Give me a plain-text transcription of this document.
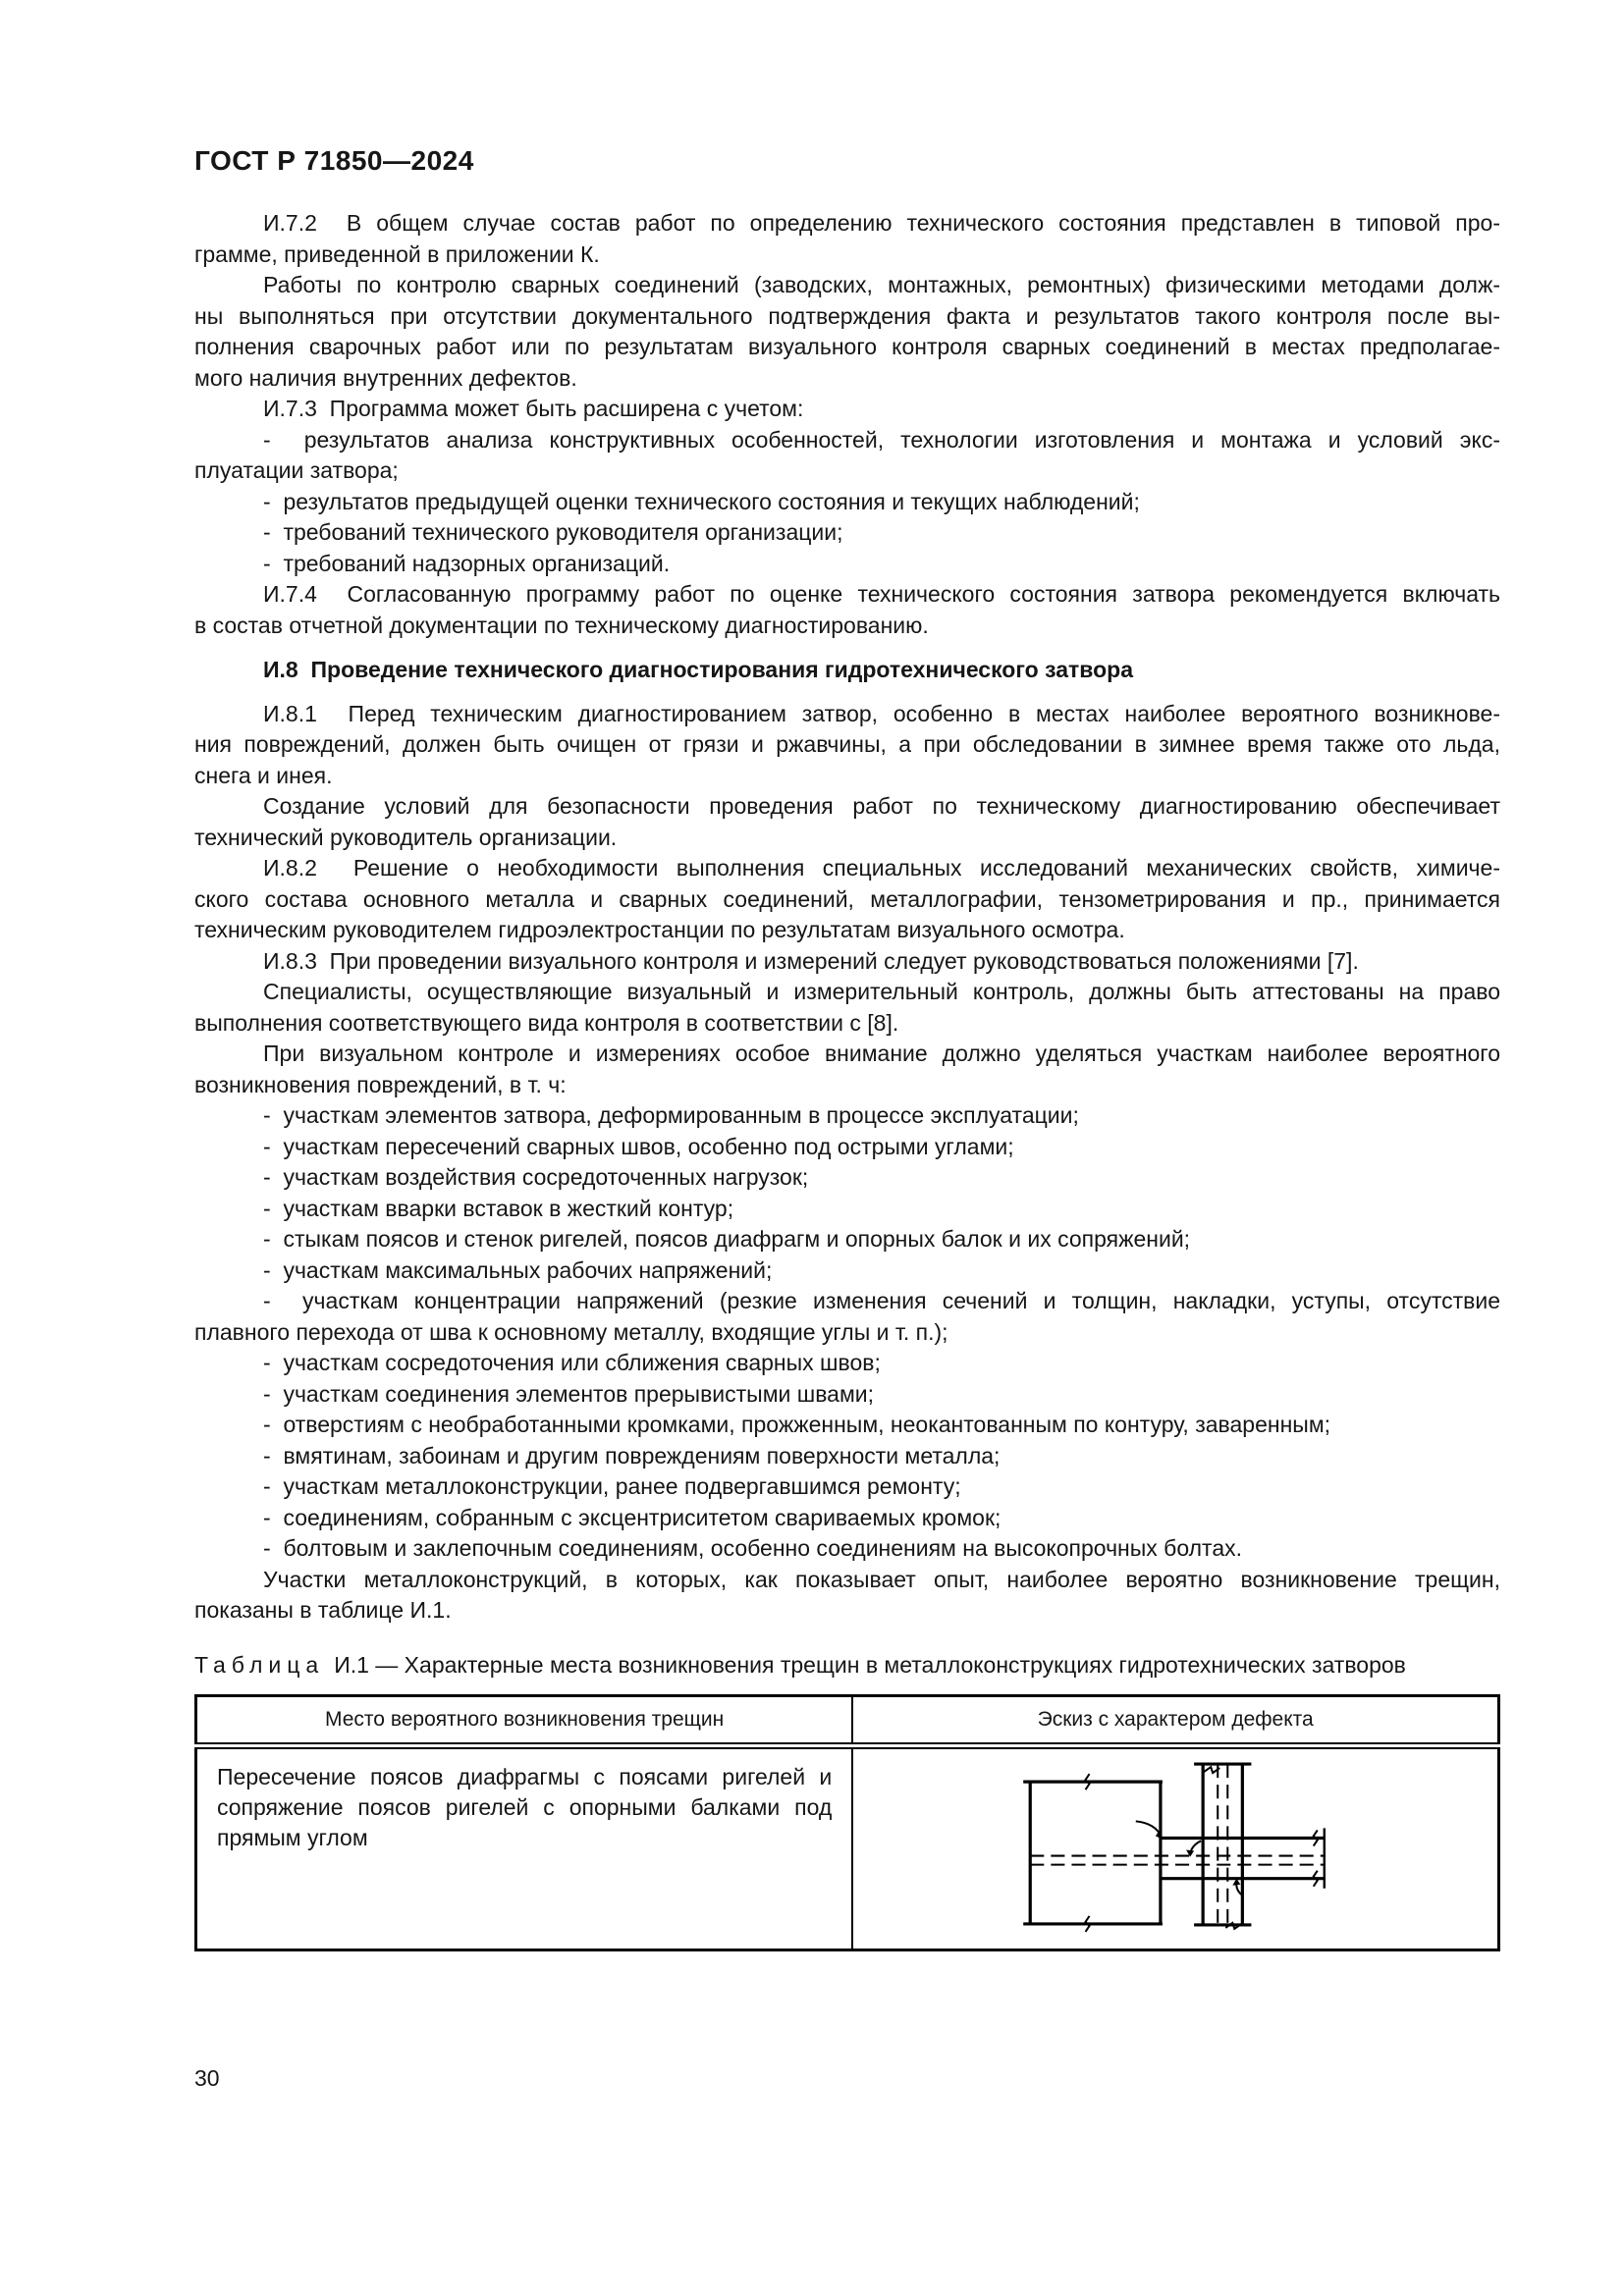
ГОСТ Р 71850—2024
И.7.2  В общем случае состав работ по определению технического состояния представлен в типовой про-
грамме, приведенной в приложении К.
Работы по контролю сварных соединений (заводских, монтажных, ремонтных) физическими методами долж-
ны выполняться при отсутствии документального подтверждения факта и результатов такого контроля после вы-
полнения сварочных работ или по результатам визуального контроля сварных соединений в местах предполагае-
мого наличия внутренних дефектов.
И.7.3  Программа может быть расширена с учетом:
-  результатов анализа конструктивных особенностей, технологии изготовления и монтажа и условий экс-
плуатации затвора;
-  результатов предыдущей оценки технического состояния и текущих наблюдений;
-  требований технического руководителя организации;
-  требований надзорных организаций.
И.7.4  Согласованную программу работ по оценке технического состояния затвора рекомендуется включать
в состав отчетной документации по техническому диагностированию.
И.8  Проведение технического диагностирования гидротехнического затвора
И.8.1  Перед техническим диагностированием затвор, особенно в местах наиболее вероятного возникнове-
ния повреждений, должен быть очищен от грязи и ржавчины, а при обследовании в зимнее время также ото льда,
снега и инея.
Создание условий для безопасности проведения работ по техническому диагностированию обеспечивает
технический руководитель организации.
И.8.2  Решение о необходимости выполнения специальных исследований механических свойств, химиче-
ского состава основного металла и сварных соединений, металлографии, тензометрирования и пр., принимается
техническим руководителем гидроэлектростанции по результатам визуального осмотра.
И.8.3  При проведении визуального контроля и измерений следует руководствоваться положениями [7].
Специалисты, осуществляющие визуальный и измерительный контроль, должны быть аттестованы на право
выполнения соответствующего вида контроля в соответствии с [8].
При визуальном контроле и измерениях особое внимание должно уделяться участкам наиболее вероятного
возникновения повреждений, в т. ч:
-  участкам элементов затвора, деформированным в процессе эксплуатации;
-  участкам пересечений сварных швов, особенно под острыми углами;
-  участкам воздействия сосредоточенных нагрузок;
-  участкам вварки вставок в жесткий контур;
-  стыкам поясов и стенок ригелей, поясов диафрагм и опорных балок и их сопряжений;
-  участкам максимальных рабочих напряжений;
-  участкам концентрации напряжений (резкие изменения сечений и толщин, накладки, уступы, отсутствие
плавного перехода от шва к основному металлу, входящие углы и т. п.);
-  участкам сосредоточения или сближения сварных швов;
-  участкам соединения элементов прерывистыми швами;
-  отверстиям с необработанными кромками, прожженным, неокантованным по контуру, заваренным;
-  вмятинам, забоинам и другим повреждениям поверхности металла;
-  участкам металлоконструкции, ранее подвергавшимся ремонту;
-  соединениям, собранным с эксцентриситетом свариваемых кромок;
-  болтовым и заклепочным соединениям, особенно соединениям на высокопрочных болтах.
Участки металлоконструкций, в которых, как показывает опыт, наиболее вероятно возникновение трещин,
показаны в таблице И.1.
Таблица И.1 — Характерные места возникновения трещин в металлоконструкциях гидротехнических затворов
Место вероятного возникновения трещин	Эскиз с характером дефекта
Пересечение поясов диафрагмы с поясами ригелей и сопряжение поясов ригелей с опорными балками под прямым углом	
30
